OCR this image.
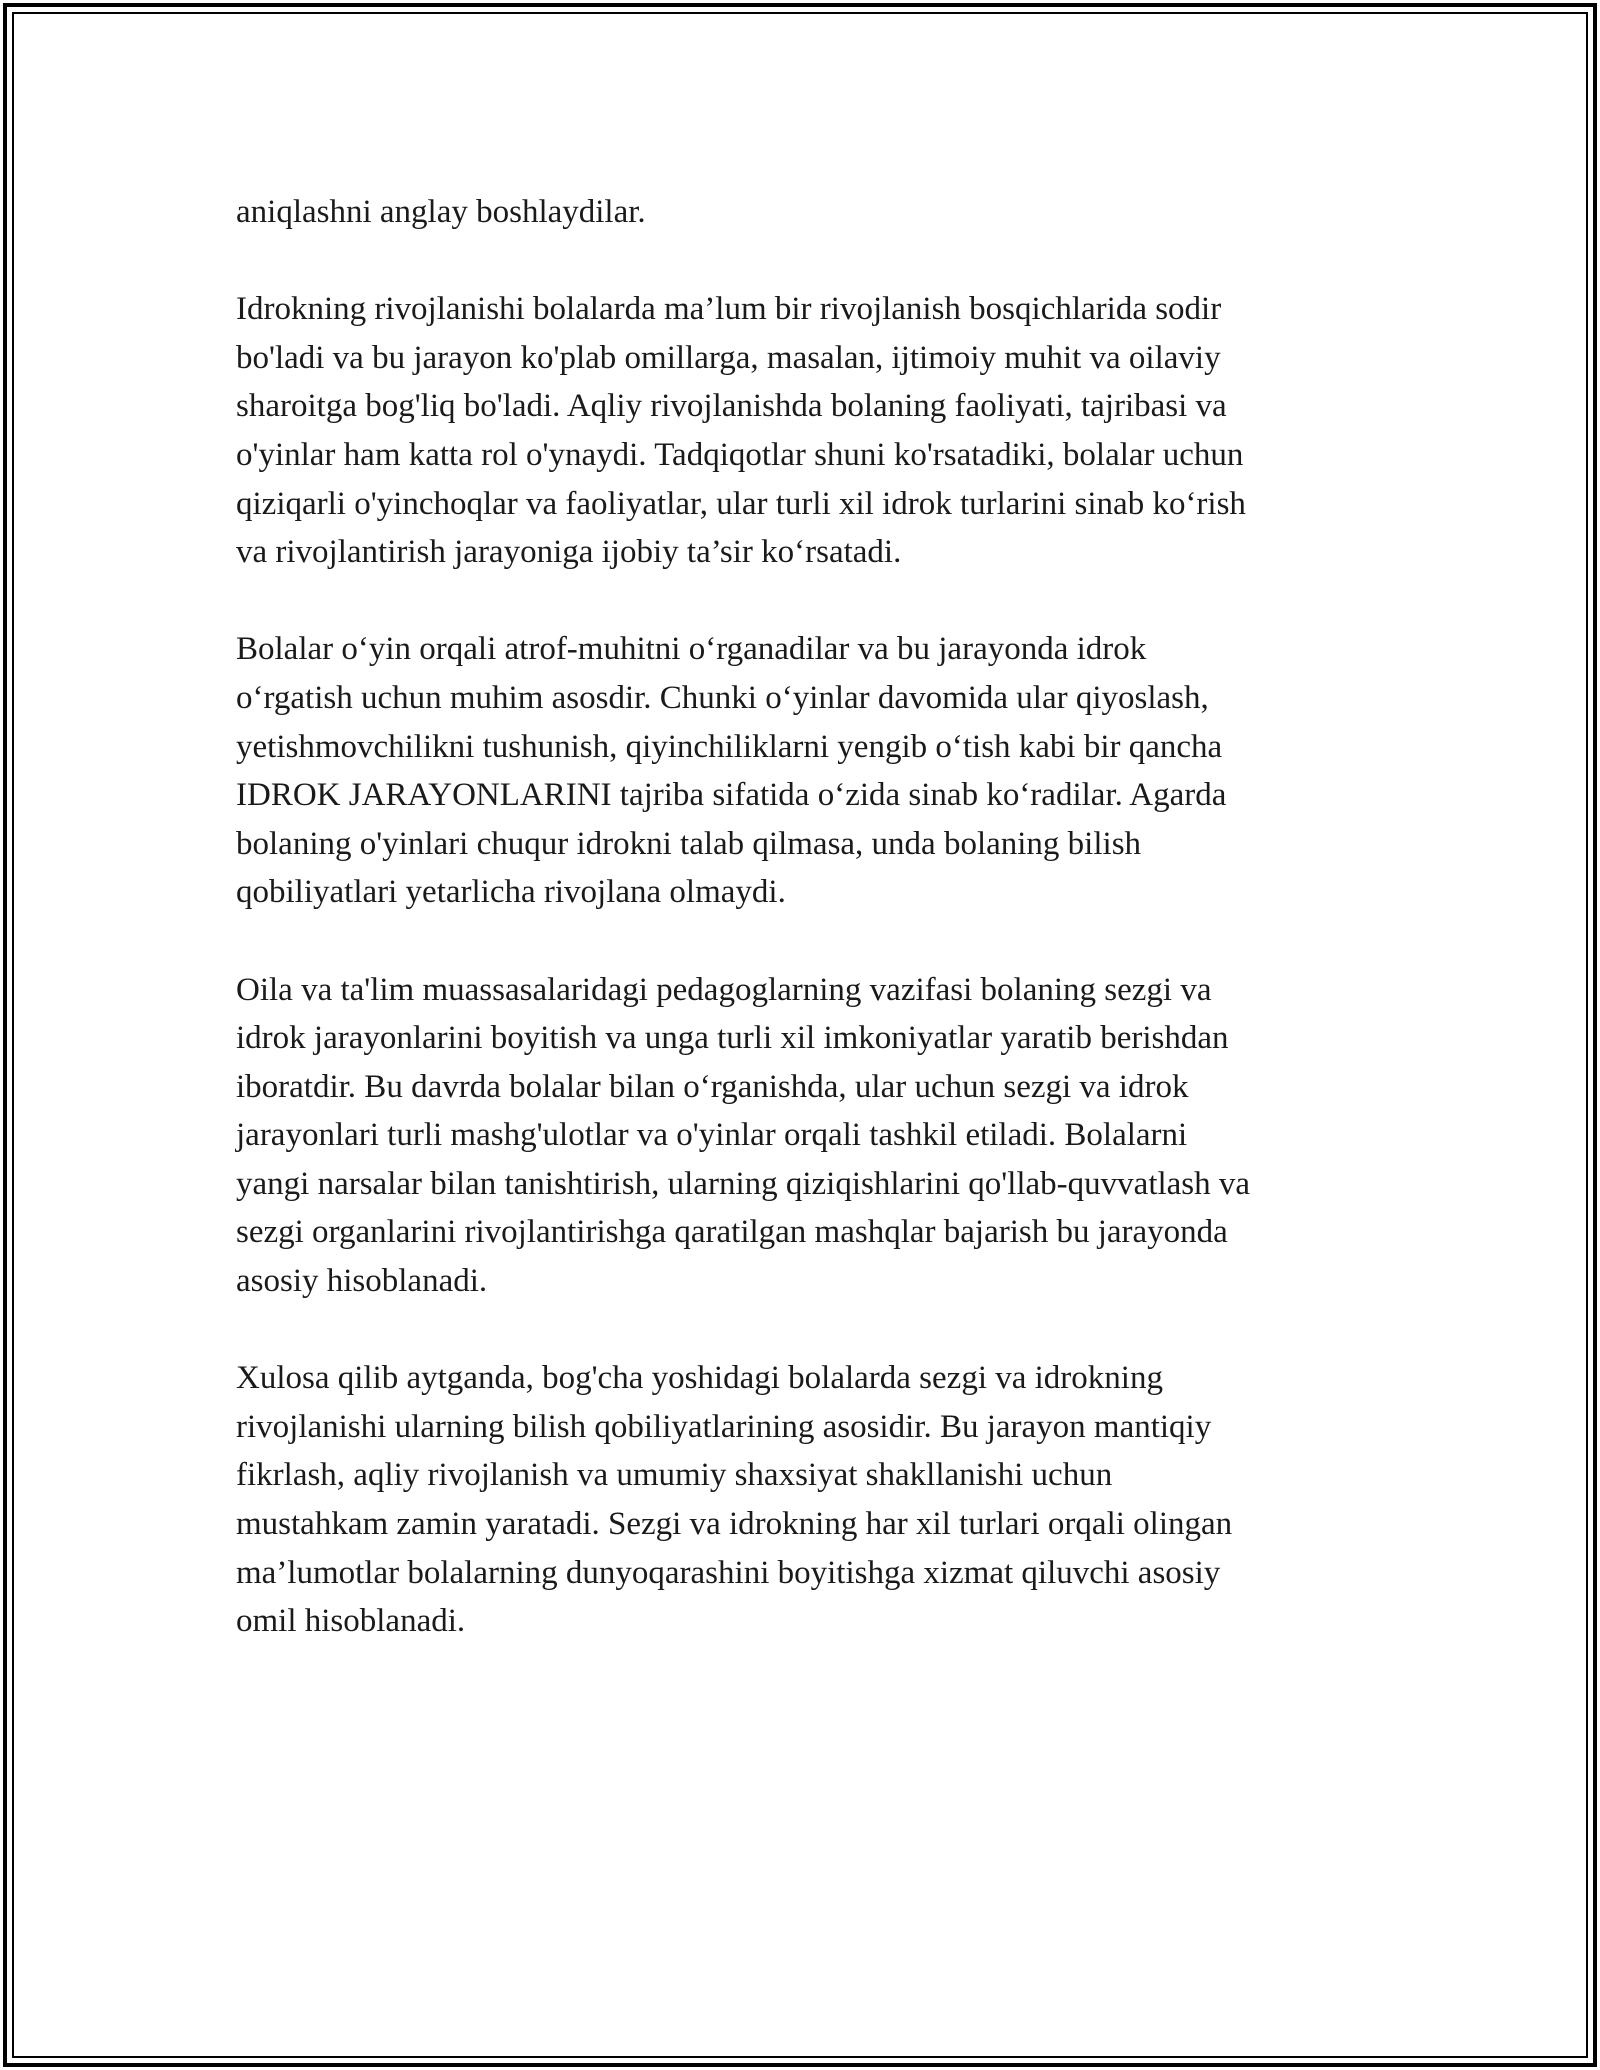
aniqlashni anglay boshlaydilar.

Idrokning rivojlanishi bolalarda ma’lum bir rivojlanish bosqichlarida sodir

bo'ladi va bu jarayon ko'plab omillarga, masalan, ijtimoiy muhit va oilaviy

sharoitga bog'liq bo'ladi. Aqliy rivojlanishda bolaning faoliyati, tajribasi va

o'yinlar ham katta rol o'ynaydi. Tadqiqotlar shuni ko'rsatadiki, bolalar uchun

qiziqarli o'yinchoqlar va faoliyatlar, ular turli xil idrok turlarini sinab ko‘rish

va rivojlantirish jarayoniga ijobiy ta’sir ko‘rsatadi.

Bolalar o‘yin orqali atrof-muhitni o‘rganadilar va bu jarayonda idrok

o‘rgatish uchun muhim asosdir. Chunki o‘yinlar davomida ular qiyoslash,

yetishmovchilikni tushunish, qiyinchiliklarni yengib o‘tish kabi bir qancha

IDROK JARAYONLARINI tajriba sifatida o‘zida sinab ko‘radilar. Agarda

bolaning o'yinlari chuqur idrokni talab qilmasa, unda bolaning bilish

qobiliyatlari yetarlicha rivojlana olmaydi.

Oila va ta'lim muassasalaridagi pedagoglarning vazifasi bolaning sezgi va

idrok jarayonlarini boyitish va unga turli xil imkoniyatlar yaratib berishdan

iboratdir. Bu davrda bolalar bilan o‘rganishda, ular uchun sezgi va idrok

jarayonlari turli mashg'ulotlar va o'yinlar orqali tashkil etiladi. Bolalarni

yangi narsalar bilan tanishtirish, ularning qiziqishlarini qo'llab-quvvatlash va

sezgi organlarini rivojlantirishga qaratilgan mashqlar bajarish bu jarayonda

asosiy hisoblanadi.

Xulosa qilib aytganda, bog'cha yoshidagi bolalarda sezgi va idrokning

rivojlanishi ularning bilish qobiliyatlarining asosidir. Bu jarayon mantiqiy

fikrlash, aqliy rivojlanish va umumiy shaxsiyat shakllanishi uchun

mustahkam zamin yaratadi. Sezgi va idrokning har xil turlari orqali olingan

ma’lumotlar bolalarning dunyoqarashini boyitishga xizmat qiluvchi asosiy

omil hisoblanadi.
